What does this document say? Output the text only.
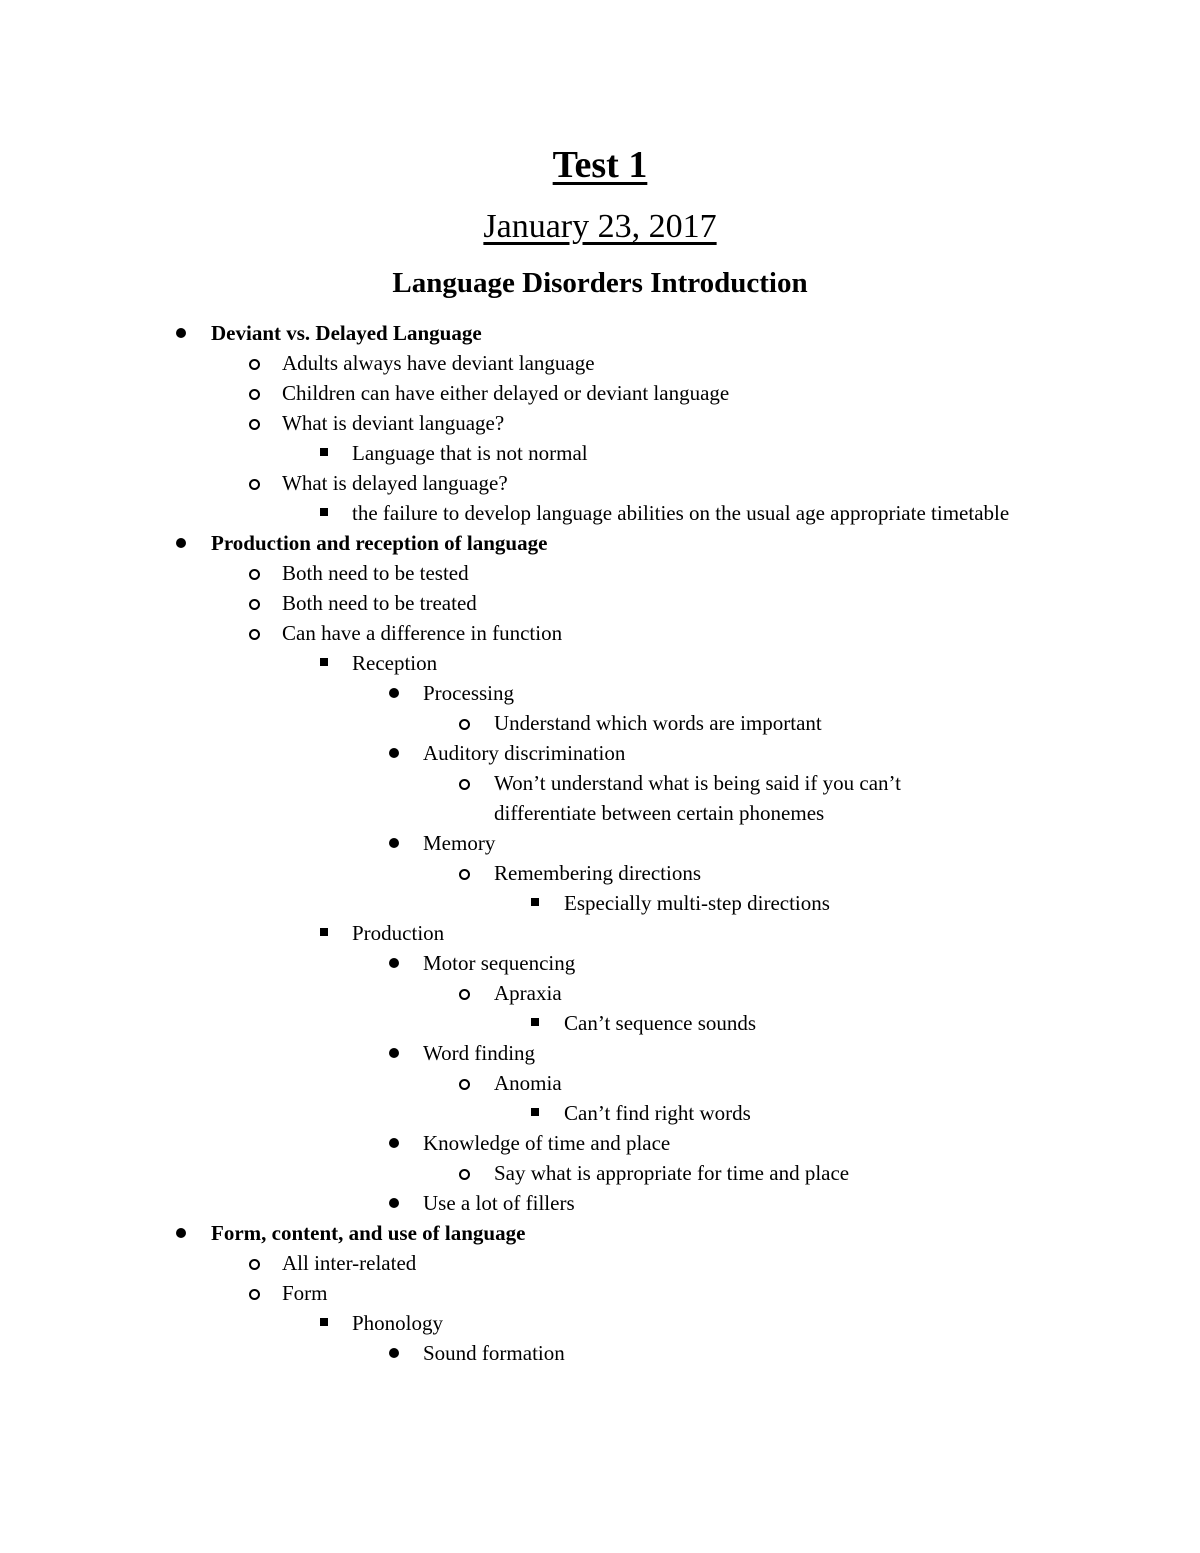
Test 1
January 23, 2017
Language Disorders Introduction
Deviant vs. Delayed Language
Adults always have deviant language
Children can have either delayed or deviant language
What is deviant language?
Language that is not normal
What is delayed language?
the failure to develop language abilities on the usual age appropriate timetable
Production and reception of language
Both need to be tested
Both need to be treated
Can have a difference in function
Reception
Processing
Understand which words are important
Auditory discrimination
Won’t understand what is being said if you can’t differentiate between certain phonemes
Memory
Remembering directions
Especially multi-step directions
Production
Motor sequencing
Apraxia
Can’t sequence sounds
Word finding
Anomia
Can’t find right words
Knowledge of time and place
Say what is appropriate for time and place
Use a lot of fillers
Form, content, and use of language
All inter-related
Form
Phonology
Sound formation
